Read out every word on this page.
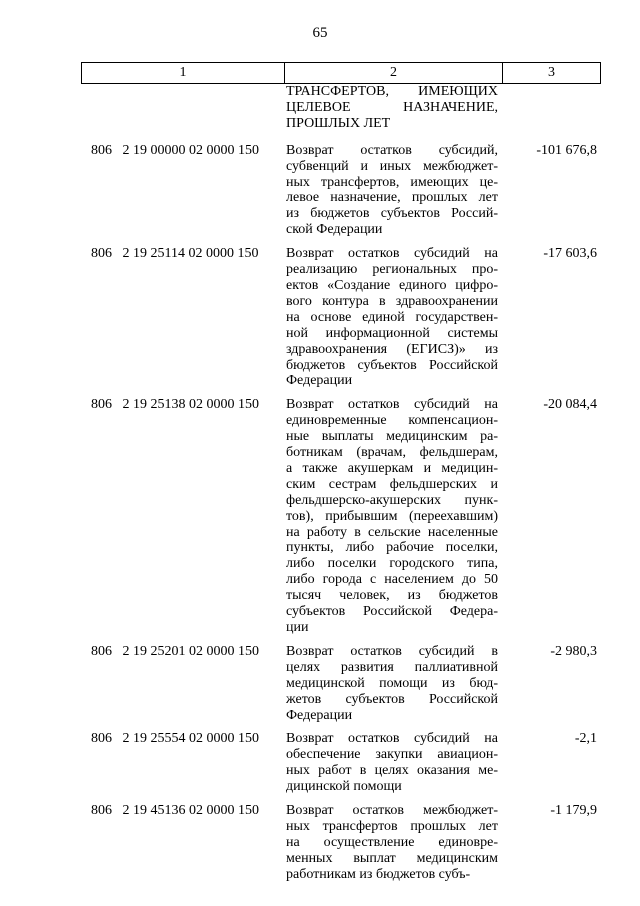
65
1	2	3
ТРАНСФЕРТОВ, ИМЕЮЩИХ
ЦЕЛЕВОЕ НАЗНАЧЕНИЕ,
ПРОШЛЫХ ЛЕТ
806   2 19 00000 02 0000 150 Возврат остатков субсидий,
субвенций и иных межбюджет-
ных трансфертов, имеющих це-
левое назначение, прошлых лет
из бюджетов субъектов Россий-
ской Федерации
-101 676,8
806   2 19 25114 02 0000 150 Возврат остатков субсидий на
реализацию региональных про-
ектов «Создание единого цифро-
вого контура в здравоохранении
на основе единой государствен-
ной информационной системы
здравоохранения (ЕГИСЗ)» из
бюджетов субъектов Российской
Федерации
-17 603,6
806   2 19 25138 02 0000 150 Возврат остатков субсидий на
единовременные компенсацион-
ные выплаты медицинским ра-
ботникам (врачам, фельдшерам,
а также акушеркам и медицин-
ским сестрам фельдшерских и
фельдшерско-акушерских пунк-
тов), прибывшим (переехавшим)
на работу в сельские населенные
пункты, либо рабочие поселки,
либо поселки городского типа,
либо города с населением до 50
тысяч человек, из бюджетов
субъектов Российской Федера-
ции
-20 084,4
806   2 19 25201 02 0000 150 Возврат остатков субсидий в
целях развития паллиативной
медицинской помощи из бюд-
жетов субъектов Российской
Федерации
-2 980,3
806   2 19 25554 02 0000 150 Возврат остатков субсидий на
обеспечение закупки авиацион-
ных работ в целях оказания ме-
дицинской помощи
-2,1
806   2 19 45136 02 0000 150 Возврат остатков межбюджет-
ных трансфертов прошлых лет
на осуществление единовре-
менных выплат медицинским
работникам из бюджетов субъ-
-1 179,9
